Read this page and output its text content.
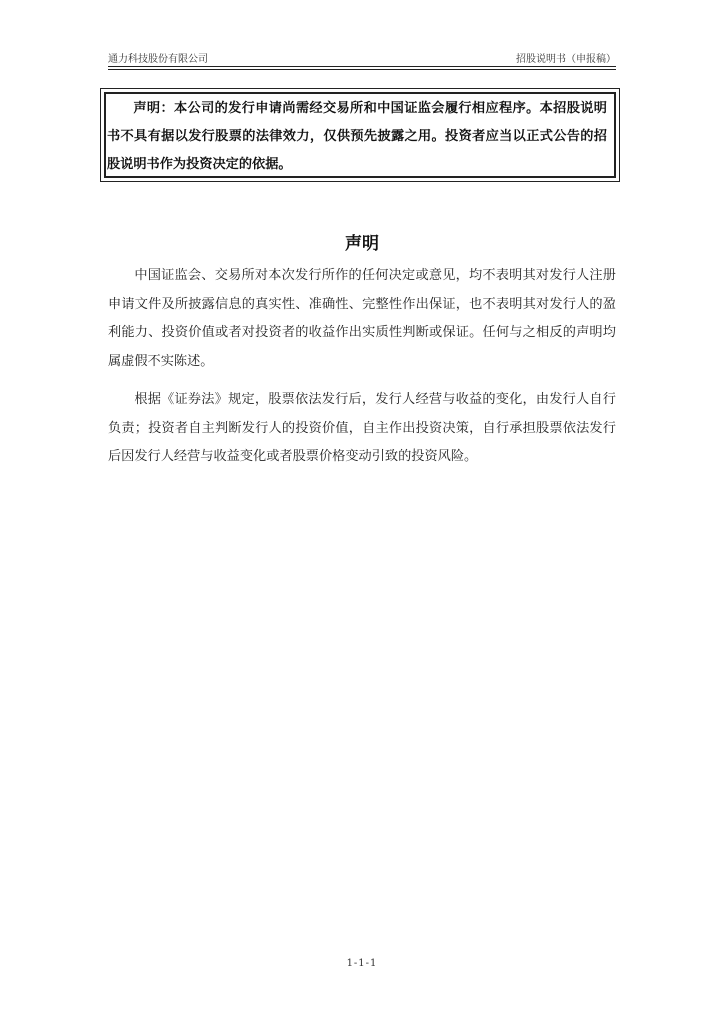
通力科技股份有限公司	招股说明书（申报稿）
声明：本公司的发行申请尚需经交易所和中国证监会履行相应程序。本招股说明书不具有据以发行股票的法律效力，仅供预先披露之用。投资者应当以正式公告的招股说明书作为投资决定的依据。
声明
中国证监会、交易所对本次发行所作的任何决定或意见，均不表明其对发行人注册申请文件及所披露信息的真实性、准确性、完整性作出保证，也不表明其对发行人的盈利能力、投资价值或者对投资者的收益作出实质性判断或保证。任何与之相反的声明均属虚假不实陈述。
根据《证券法》规定，股票依法发行后，发行人经营与收益的变化，由发行人自行负责；投资者自主判断发行人的投资价值，自主作出投资决策，自行承担股票依法发行后因发行人经营与收益变化或者股票价格变动引致的投资风险。
1-1-1
